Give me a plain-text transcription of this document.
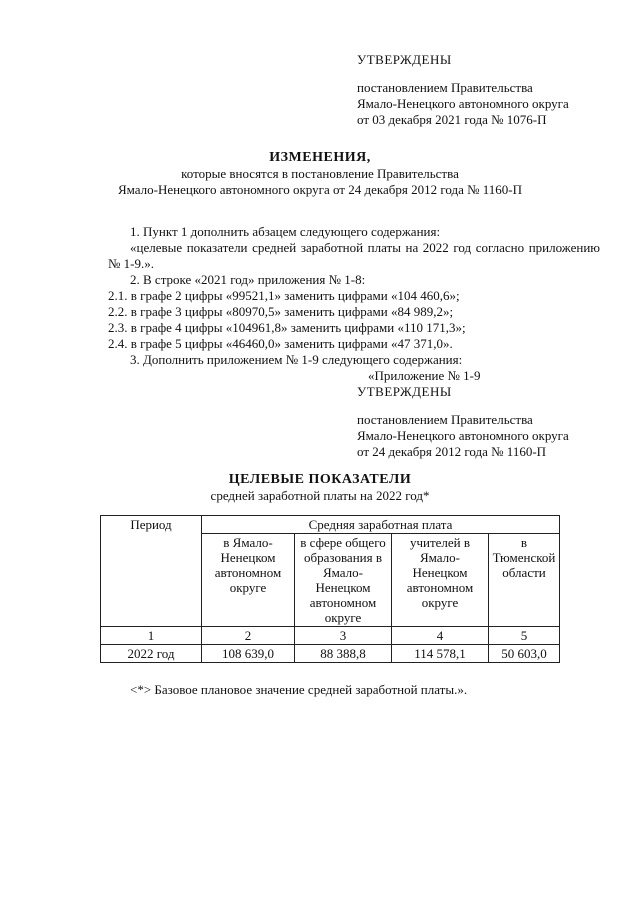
УТВЕРЖДЕНЫ
постановлением Правительства
Ямало-Ненецкого автономного округа
от 03 декабря 2021 года № 1076-П
ИЗМЕНЕНИЯ,
которые вносятся в постановление Правительства
Ямало-Ненецкого автономного округа от 24 декабря 2012 года № 1160-П
1. Пункт 1 дополнить абзацем следующего содержания:
«целевые показатели средней заработной платы на 2022 год согласно приложению № 1-9.».
2. В строке «2021 год» приложения № 1-8:
2.1. в графе 2 цифры «99521,1» заменить цифрами «104 460,6»;
2.2. в графе 3 цифры «80970,5» заменить цифрами «84 989,2»;
2.3. в графе 4 цифры «104961,8» заменить цифрами «110 171,3»;
2.4. в графе 5 цифры «46460,0» заменить цифрами «47 371,0».
3. Дополнить приложением № 1-9 следующего содержания:
«Приложение № 1-9
УТВЕРЖДЕНЫ
постановлением Правительства
Ямало-Ненецкого автономного округа
от 24 декабря 2012 года № 1160-П
ЦЕЛЕВЫЕ ПОКАЗАТЕЛИ
средней заработной платы на 2022 год*
Период	Средняя заработная плата			
	в Ямало-Ненецком автономном округе	в сфере общего образования в Ямало-Ненецком автономном округе	учителей в Ямало-Ненецком автономном округе	в Тюменской области
1	2	3	4	5
2022 год	108 639,0	88 388,8	114 578,1	50 603,0
<*> Базовое плановое значение средней заработной платы.».
